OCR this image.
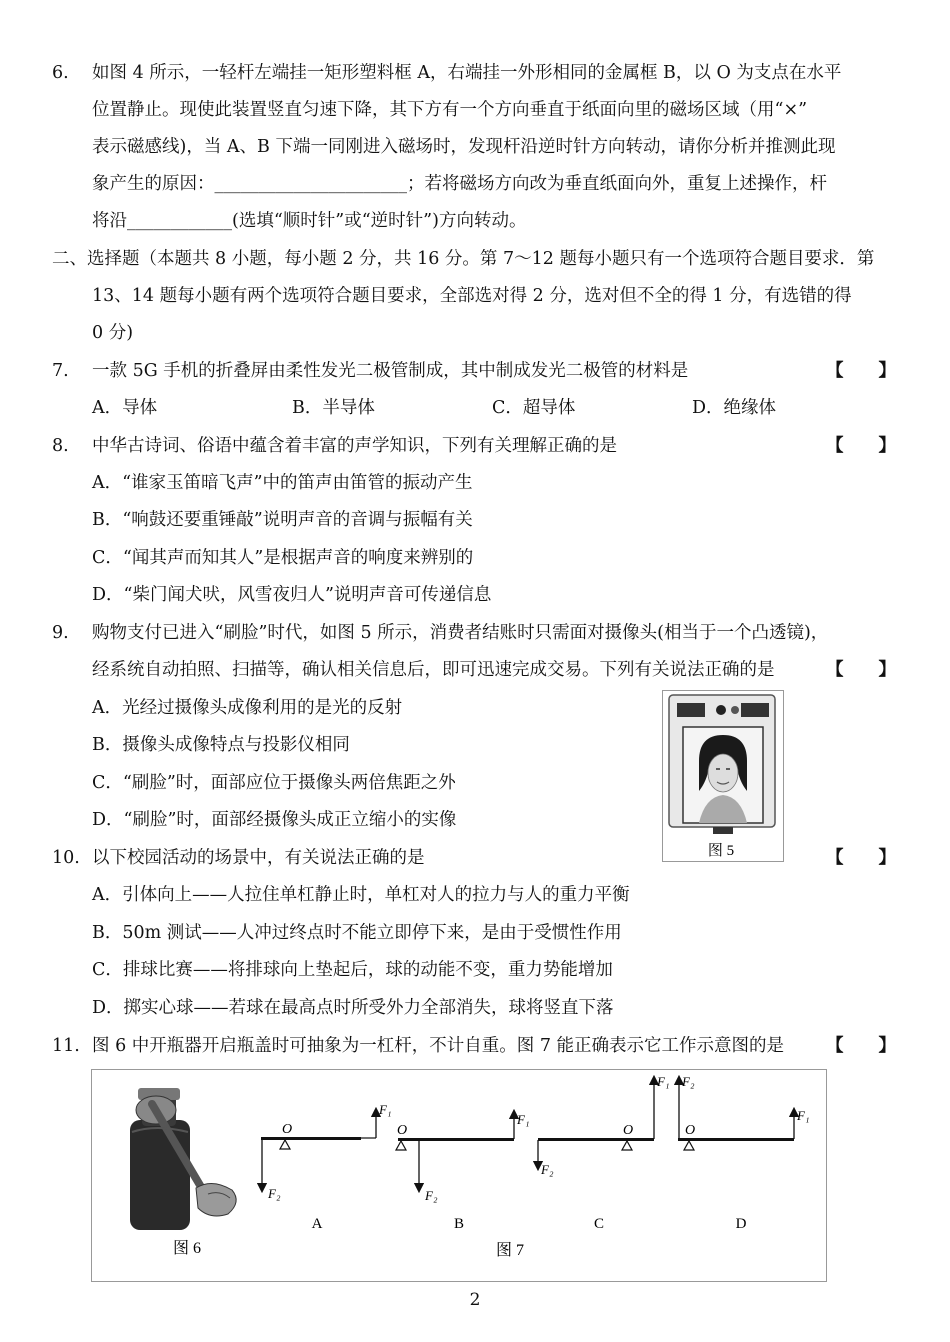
6. 如图 4 所示，一轻杆左端挂一矩形塑料框 A，右端挂一外形相同的金属框 B，以 O 为支点在水平
位置静止。现使此装置竖直匀速下降，其下方有一个方向垂直于纸面向里的磁场区域（用“×”
表示磁感线)，当 A、B 下端一同刚进入磁场时，发现杆沿逆时针方向转动，请你分析并推测此现
象产生的原因：______________________；若将磁场方向改为垂直纸面向外，重复上述操作，杆
将沿____________(选填“顺时针”或“逆时针”)方向转动。
二、选择题（本题共 8 小题，每小题 2 分，共 16 分。第 7～12 题每小题只有一个选项符合题目要求．第
13、14 题每小题有两个选项符合题目要求，全部选对得 2 分，选对但不全的得 1 分，有选错的得
0 分)
7. 一款 5G 手机的折叠屏由柔性发光二极管制成，其中制成发光二极管的材料是	【　　】
A．导体	B．半导体	C．超导体	D．绝缘体
8. 中华古诗词、俗语中蕴含着丰富的声学知识，下列有关理解正确的是	【　　】
A．“谁家玉笛暗飞声”中的笛声由笛管的振动产生
B．“响鼓还要重锤敲”说明声音的音调与振幅有关
C．“闻其声而知其人”是根据声音的响度来辨别的
D．“柴门闻犬吠，风雪夜归人”说明声音可传递信息
9. 购物支付已进入“刷脸”时代，如图 5 所示，消费者结账时只需面对摄像头(相当于一个凸透镜)，
经系统自动拍照、扫描等，确认相关信息后，即可迅速完成交易。下列有关说法正确的是	【　　】
A．光经过摄像头成像利用的是光的反射
B．摄像头成像特点与投影仪相同
C．“刷脸”时，面部应位于摄像头两倍焦距之外
D．“刷脸”时，面部经摄像头成正立缩小的实像
图 5
10. 以下校园活动的场景中，有关说法正确的是	【　　】
A．引体向上——人拉住单杠静止时，单杠对人的拉力与人的重力平衡
B．50m 测试——人冲过终点时不能立即停下来，是由于受惯性作用
C．排球比赛——将排球向上垫起后，球的动能不变，重力势能增加
D．掷实心球——若球在最高点时所受外力全部消失，球将竖直下落
11. 图 6 中开瓶器开启瓶盖时可抽象为一杠杆，不计自重。图 7 能正确表示它工作示意图的是 【　　】
图 6
O
F₁
F₂
A
O
F₁
F₂
B
O
F₂
F₁
C
O
F₂
F₁
D
图 7
2
